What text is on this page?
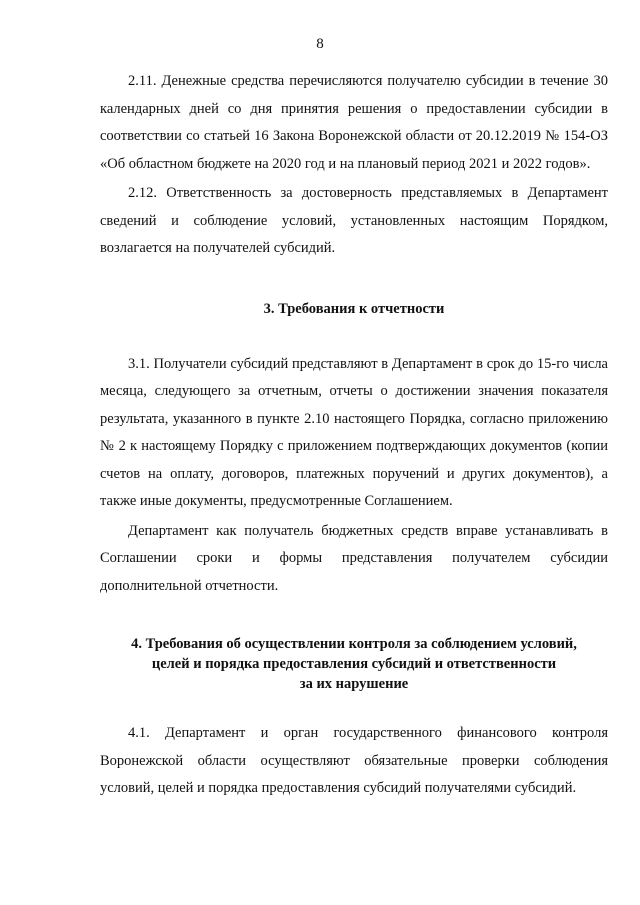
8

2.11. Денежные средства перечисляются получателю субсидии в течение 30 календарных дней со дня принятия решения о предоставлении субсидии в соответствии со статьей 16 Закона Воронежской области от 20.12.2019 № 154-ОЗ «Об областном бюджете на 2020 год и на плановый период 2021 и 2022 годов».

2.12. Ответственность за достоверность представляемых в Департамент сведений и соблюдение условий, установленных настоящим Порядком, возлагается на получателей субсидий.

3. Требования к отчетности

3.1. Получатели субсидий представляют в Департамент в срок до 15-го числа месяца, следующего за отчетным, отчеты о достижении значения показателя результата, указанного в пункте 2.10 настоящего Порядка, согласно приложению № 2 к настоящему Порядку с приложением подтверждающих документов (копии счетов на оплату, договоров, платежных поручений и других документов), а также иные документы, предусмотренные Соглашением.

Департамент как получатель бюджетных средств вправе устанавливать в Соглашении сроки и формы представления получателем субсидии дополнительной отчетности.

4. Требования об осуществлении контроля за соблюдением условий,
целей и порядка предоставления субсидий и ответственности
за их нарушение

4.1. Департамент и орган государственного финансового контроля Воронежской области осуществляют обязательные проверки соблюдения условий, целей и порядка предоставления субсидий получателями субсидий.
